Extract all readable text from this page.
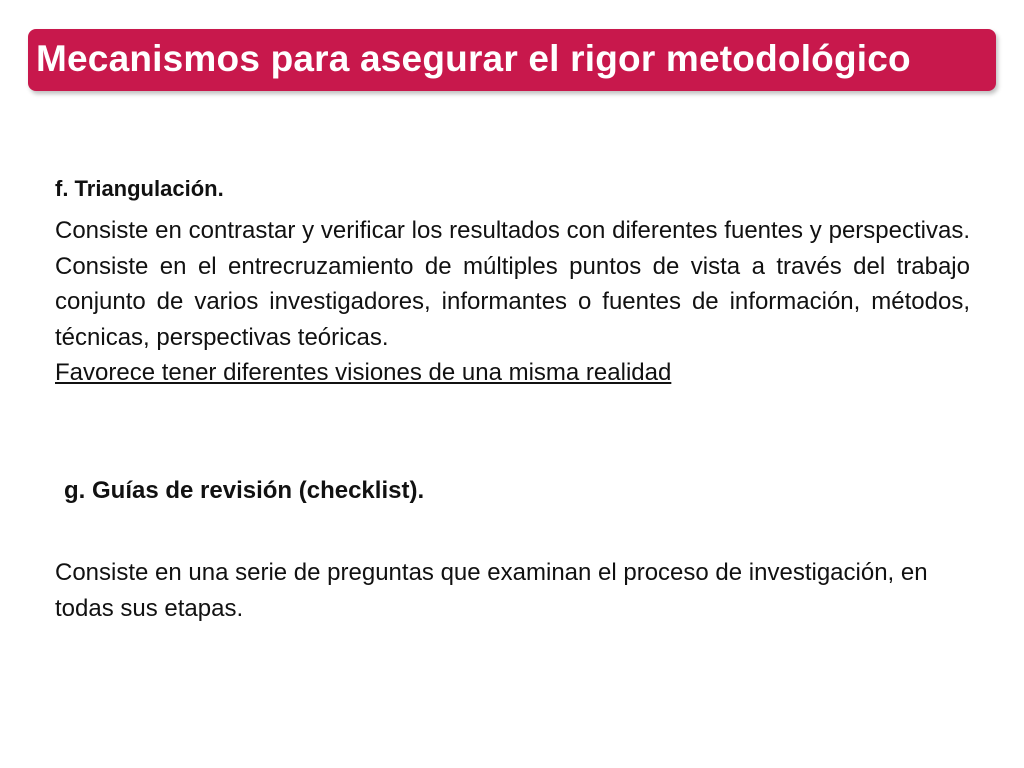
Mecanismos para asegurar el rigor metodológico
f. Triangulación.

Consiste en contrastar y verificar los resultados con diferentes fuentes y perspectivas. Consiste en el entrecruzamiento de múltiples puntos de vista a través del trabajo conjunto de varios investigadores, informantes o fuentes de información, métodos, técnicas, perspectivas teóricas.
Favorece tener diferentes visiones de una misma realidad

g. Guías de revisión (checklist).

Consiste en una serie de preguntas que examinan el proceso de investigación, en todas sus etapas.
